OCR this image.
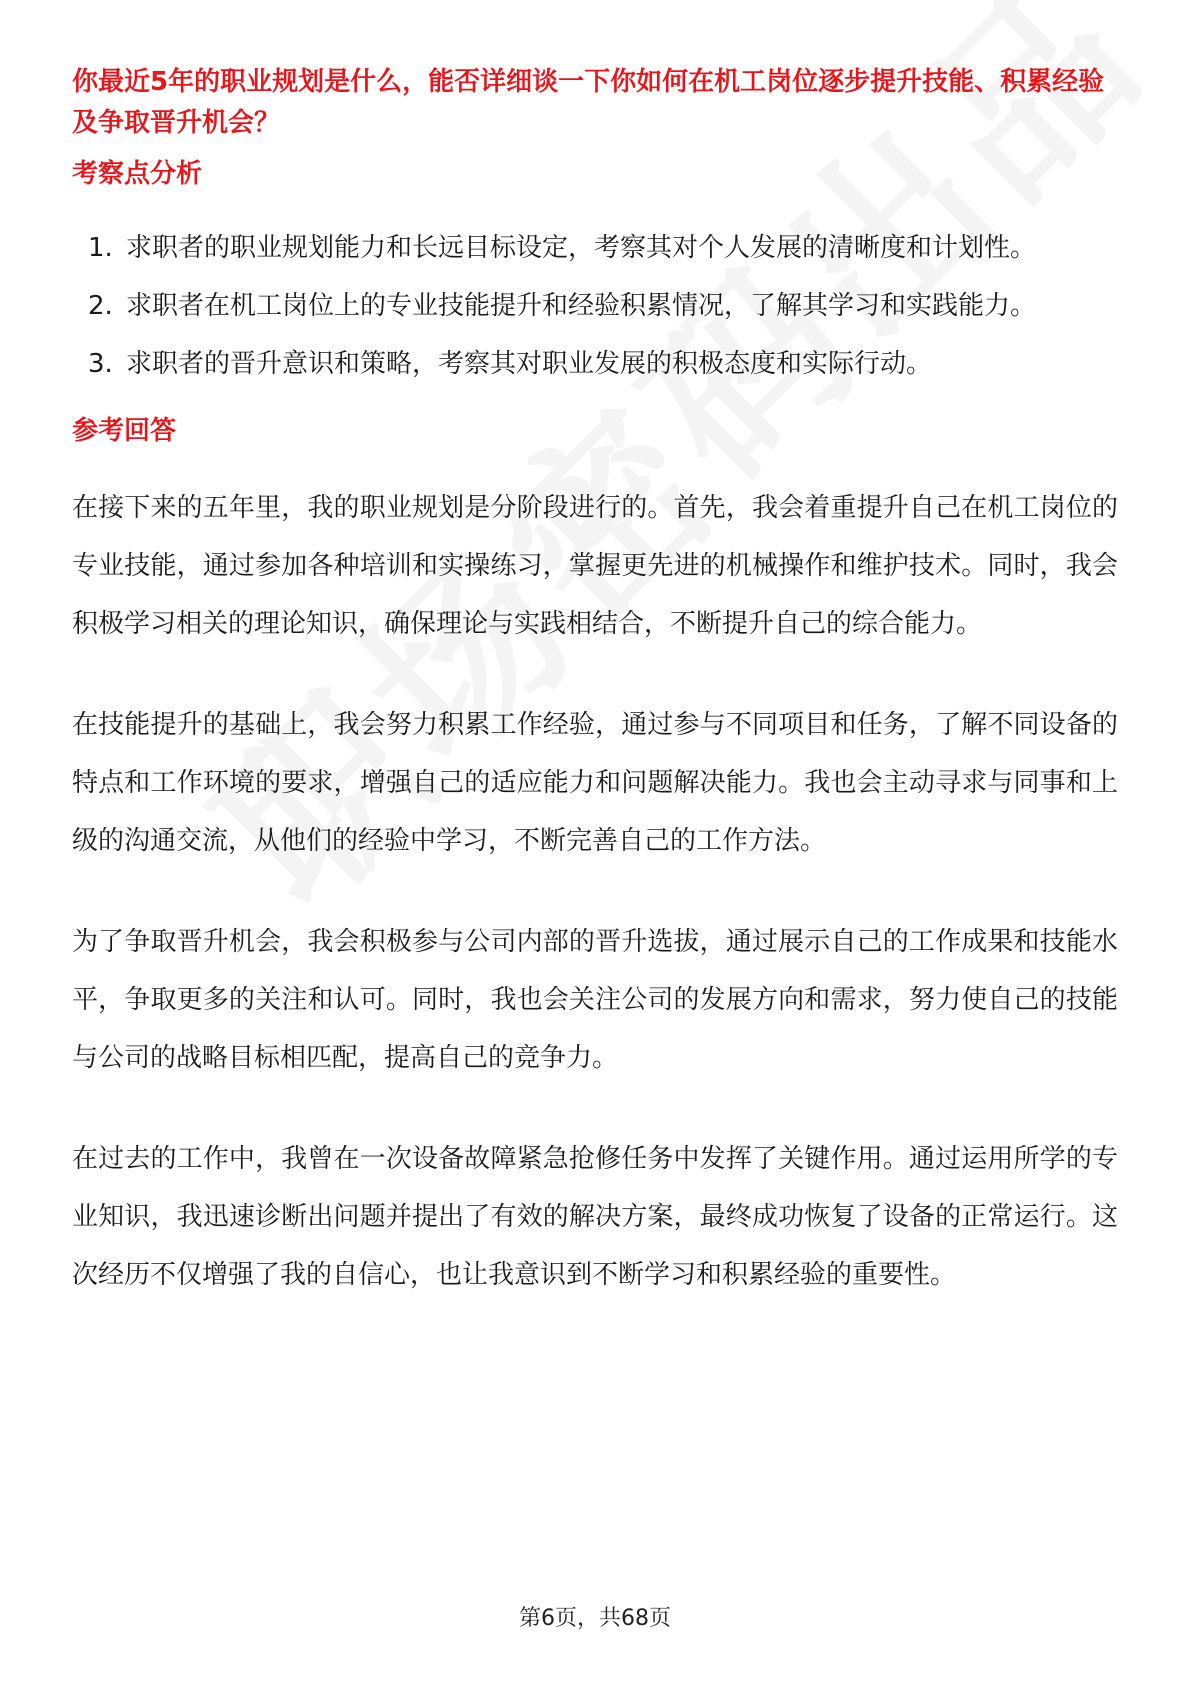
你最近5年的职业规划是什么，能否详细谈一下你如何在机工岗位逐步提升技能、积累经验及争取晋升机会？
考察点分析
1. 求职者的职业规划能力和长远目标设定，考察其对个人发展的清晰度和计划性。
2. 求职者在机工岗位上的专业技能提升和经验积累情况，了解其学习和实践能力。
3. 求职者的晋升意识和策略，考察其对职业发展的积极态度和实际行动。
参考回答

在接下来的五年里，我的职业规划是分阶段进行的。首先，我会着重提升自己在机工岗位的专业技能，通过参加各种培训和实操练习，掌握更先进的机械操作和维护技术。同时，我会积极学习相关的理论知识，确保理论与实践相结合，不断提升自己的综合能力。

在技能提升的基础上，我会努力积累工作经验，通过参与不同项目和任务，了解不同设备的特点和工作环境的要求，增强自己的适应能力和问题解决能力。我也会主动寻求与同事和上级的沟通交流，从他们的经验中学习，不断完善自己的工作方法。

为了争取晋升机会，我会积极参与公司内部的晋升选拔，通过展示自己的工作成果和技能水平，争取更多的关注和认可。同时，我也会关注公司的发展方向和需求，努力使自己的技能与公司的战略目标相匹配，提高自己的竞争力。

在过去的工作中，我曾在一次设备故障紧急抢修任务中发挥了关键作用。通过运用所学的专业知识，我迅速诊断出问题并提出了有效的解决方案，最终成功恢复了设备的正常运行。这次经历不仅增强了我的自信心，也让我意识到不断学习和积累经验的重要性。

第6页，共68页
